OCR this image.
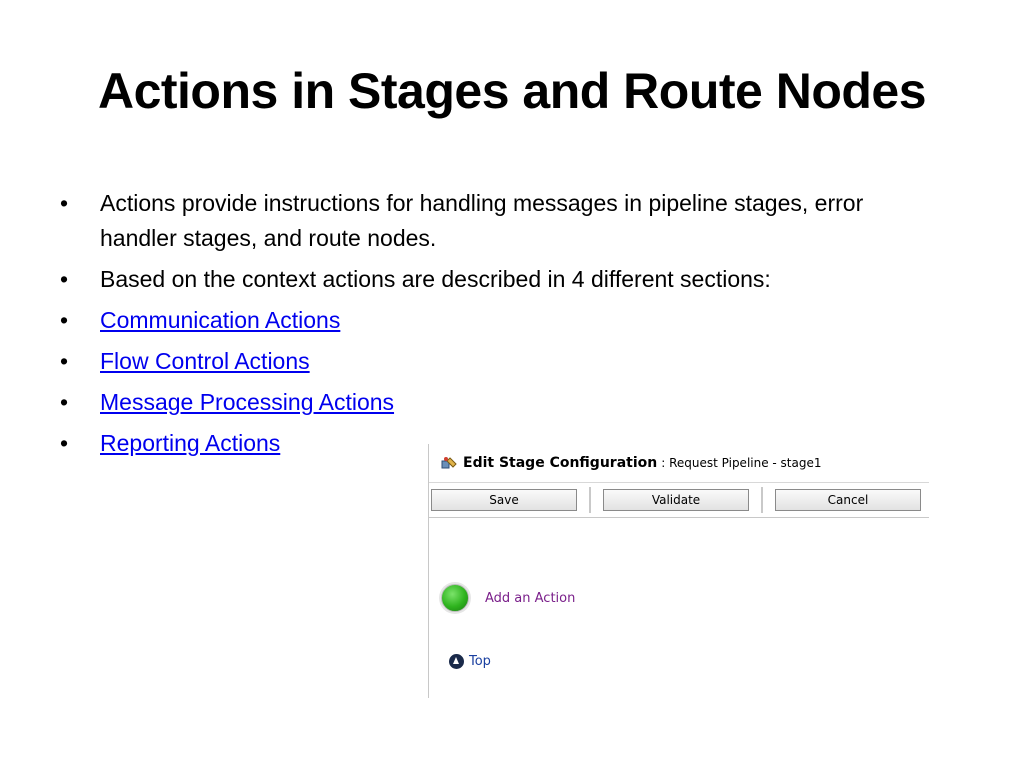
Actions in Stages and Route Nodes
• Actions provide instructions for handling messages in pipeline stages, error handler stages, and route nodes.
• Based on the context actions are described in 4 different sections:
• Communication Actions
• Flow Control Actions
• Message Processing Actions
• Reporting Actions
Edit Stage Configuration : Request Pipeline - stage1
Save	Validate	Cancel
Add an Action
Top
